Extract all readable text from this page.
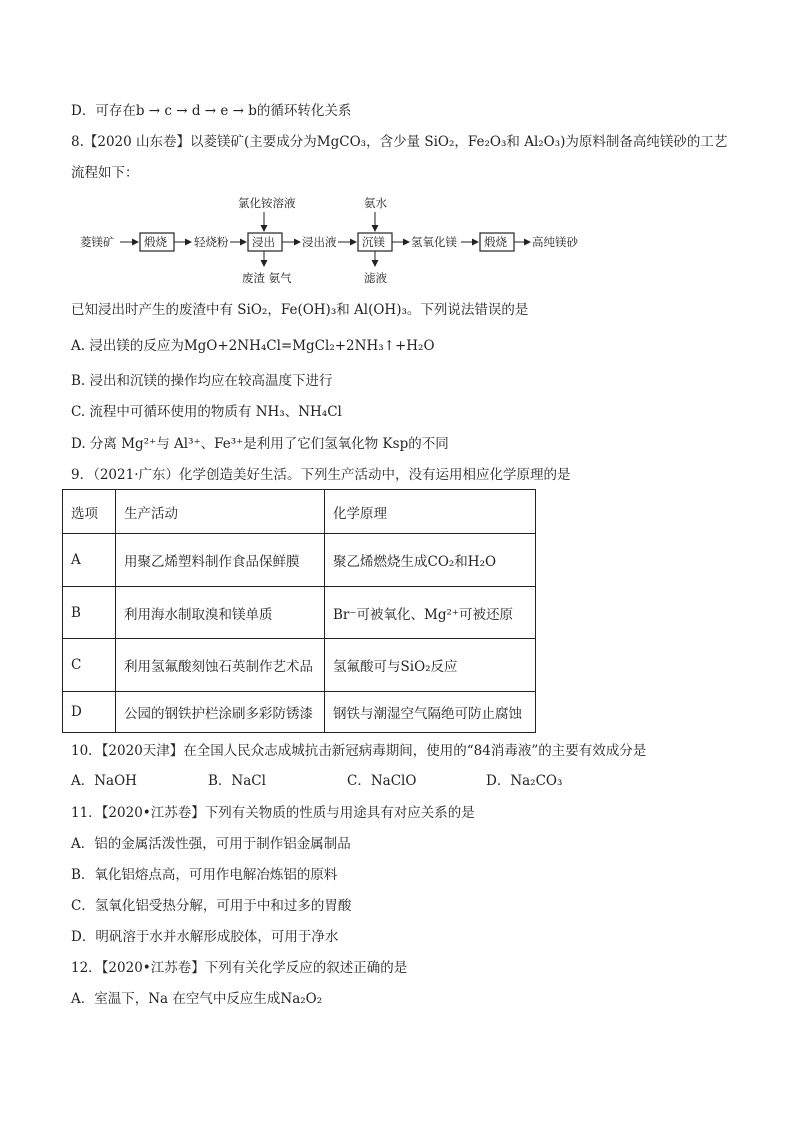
D．可存在b → c → d → e → b的循环转化关系
8.【2020 山东卷】以菱镁矿(主要成分为MgCO₃，含少量 SiO₂，Fe₂O₃和 Al₂O₃)为原料制备高纯镁砂的工艺
流程如下：
菱镁矿	煅烧 轻烧粉
氯化铵溶液
浸出
废渣 氨气
浸出液
氨水
沉镁
滤液
氢氧化镁 煅烧 高纯镁砂
已知浸出时产生的废渣中有 SiO₂，Fe(OH)₃和 Al(OH)₃。下列说法错误的是
A. 浸出镁的反应为MgO+2NH₄Cl=MgCl₂+2NH₃↑+H₂O
B. 浸出和沉镁的操作均应在较高温度下进行
C. 流程中可循环使用的物质有 NH₃、NH₄Cl
D. 分离 Mg²⁺与 Al³⁺、Fe³⁺是利用了它们氢氧化物 Ksp的不同
9．（2021·广东）化学创造美好生活。下列生产活动中，没有运用相应化学原理的是
选项	生产活动	化学原理
A	用聚乙烯塑料制作食品保鲜膜	聚乙烯燃烧生成CO₂和H₂O
B	利用海水制取溴和镁单质	Br⁻可被氧化、Mg²⁺可被还原
C	利用氢氟酸刻蚀石英制作艺术品	氢氟酸可与SiO₂反应
D	公园的钢铁护栏涂刷多彩防锈漆	钢铁与潮湿空气隔绝可防止腐蚀
10．【2020天津】在全国人民众志成城抗击新冠病毒期间，使用的“84消毒液”的主要有效成分是
A．NaOH	B．NaCl	C．NaClO	D．Na₂CO₃
11．【2020•江苏卷】下列有关物质的性质与用途具有对应关系的是
A．铝的金属活泼性强，可用于制作铝金属制品
B．氧化铝熔点高，可用作电解冶炼铝的原料
C．氢氧化铝受热分解，可用于中和过多的胃酸
D．明矾溶于水并水解形成胶体，可用于净水
12．【2020•江苏卷】下列有关化学反应的叙述正确的是
A．室温下，Na 在空气中反应生成Na₂O₂
